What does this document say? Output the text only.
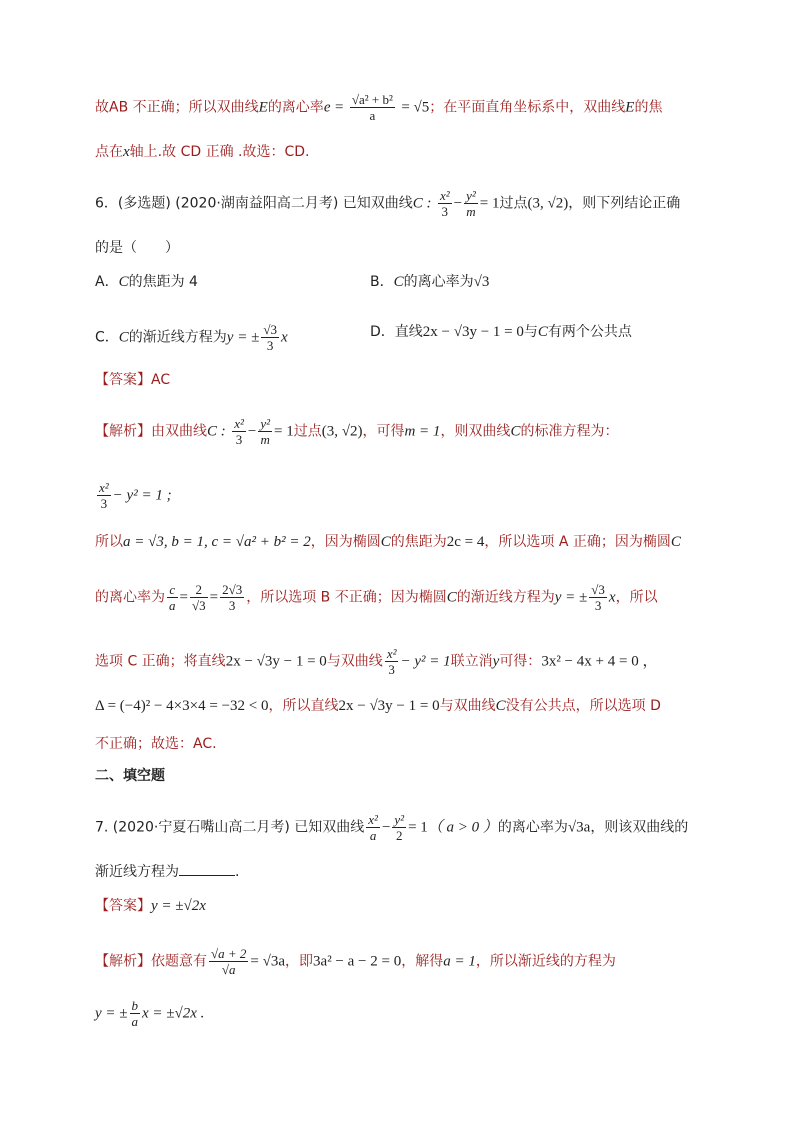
故AB 不正确；所以双曲线E的离心率$e = \frac{\text{√a² + b²}}{a} = √5$；在平面直角坐标系中，双曲线E的焦
点在x轴上.故 CD 正确 .故选：CD.
6．(多选题) (2020·湖南益阳高二月考) 已知双曲线C : $\frac{\text{x²}}{3} - \frac{\text{y²}}{m} = 1$过点(3, √2)，则下列结论正确
的是（　　）
A．C的焦距为 4	B．C的离心率为√3
C．C的渐近线方程为y = ± $\frac{√3}{3}$ x	D．直线2x − √3y − 1 = 0与C有两个公共点
【答案】AC
【解析】由双曲线C : $\frac{\text{x²}}{3} - \frac{\text{y²}}{m} = 1$过点(3, √2)，可得m = 1，则双曲线C的标准方程为：
$\frac{\text{x²}}{3} - y^2 = 1$ ;
所以a = √3, b = 1, c = √a² + b² = 2，因为椭圆C的焦距为2c = 4，所以选项 A 正确；因为椭圆C
的离心率为 $\frac{c}{a} = \frac{2}{√3} = \frac{2√3}{3}$ ，所以选项 B 不正确；因为椭圆C的渐近线方程为y = ± $\frac{√3}{3}$ x，所以
选项 C 正确；将直线2x − √3y − 1 = 0与双曲线 $\frac{\text{x²}}{3} - y^2 = 1$联立消y可得：3x² − 4x + 4 = 0 ，
Δ = (−4)² − 4×3×4 = −32 < 0，所以直线2x − √3y − 1 = 0与双曲线C没有公共点，所以选项 D
不正确；故选：AC.
二、填空题
7. (2020·宁夏石嘴山高二月考) 已知双曲线 $\frac{\text{x²}}{a} - \frac{\text{y²}}{2} = 1$（ a > 0 ）的离心率为√3a，则该双曲线的
渐近线方程为	.
【答案】y = ±√2x
【解析】依题意有 $\frac{√a + 2}{√a} = √3a$，即3a² − a − 2 = 0，解得a = 1，所以渐近线的方程为
y = ± $\frac{b}{a}$ x = ±√2x .
